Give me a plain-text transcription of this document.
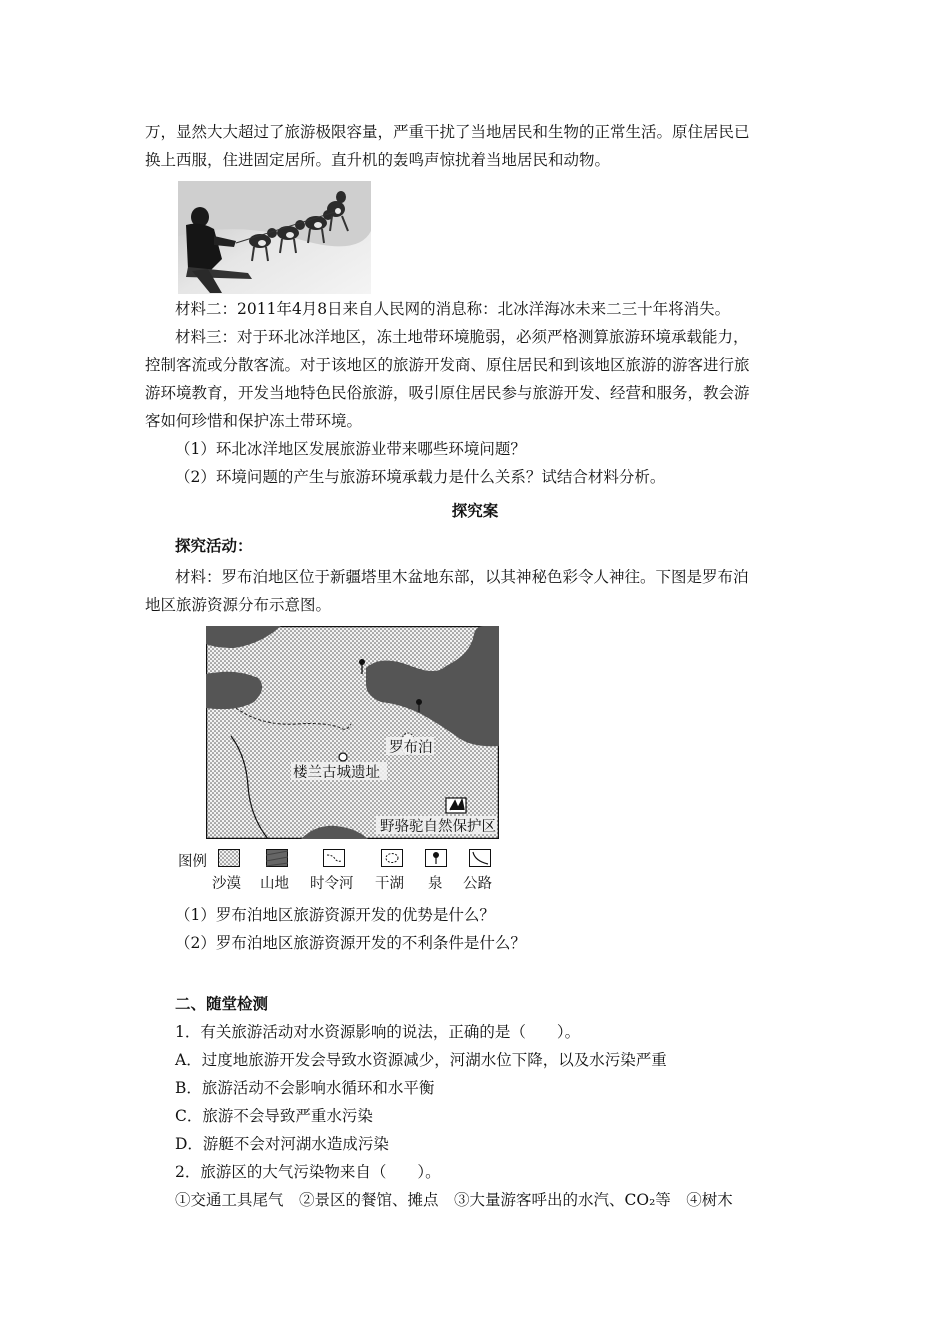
万，显然大大超过了旅游极限容量，严重干扰了当地居民和生物的正常生活。原住居民已
换上西服，住进固定居所。直升机的轰鸣声惊扰着当地居民和动物。
材料二：2011年4月8日来自人民网的消息称：北冰洋海冰未来二三十年将消失。
材料三：对于环北冰洋地区，冻土地带环境脆弱，必须严格测算旅游环境承载能力，
控制客流或分散客流。对于该地区的旅游开发商、原住居民和到该地区旅游的游客进行旅
游环境教育，开发当地特色民俗旅游，吸引原住居民参与旅游开发、经营和服务，教会游
客如何珍惜和保护冻土带环境。
（1）环北冰洋地区发展旅游业带来哪些环境问题？
（2）环境问题的产生与旅游环境承载力是什么关系？试结合材料分析。
探究案
探究活动：
材料：罗布泊地区位于新疆塔里木盆地东部，以其神秘色彩令人神往。下图是罗布泊
地区旅游资源分布示意图。
楼兰古城遗址
罗布泊
野骆驼自然保护区
图例
沙漠 山地 时令河 干湖 泉 公路
（1）罗布泊地区旅游资源开发的优势是什么？
（2）罗布泊地区旅游资源开发的不利条件是什么？
二、随堂检测
1．有关旅游活动对水资源影响的说法，正确的是（　　）。
A．过度地旅游开发会导致水资源减少，河湖水位下降，以及水污染严重
B．旅游活动不会影响水循环和水平衡
C．旅游不会导致严重水污染
D．游艇不会对河湖水造成污染
2．旅游区的大气污染物来自（　　）。
①交通工具尾气　②景区的餐馆、摊点　③大量游客呼出的水汽、CO₂等　④树木
